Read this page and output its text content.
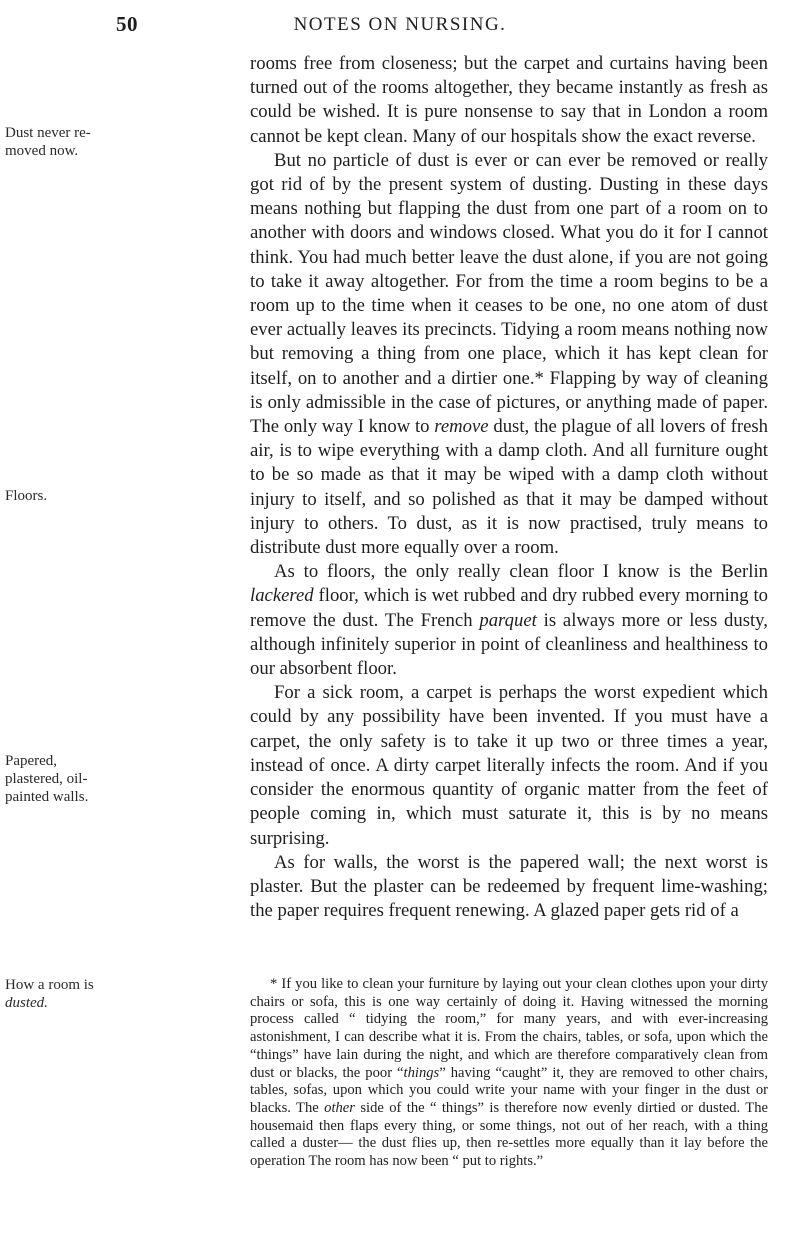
50	NOTES ON NURSING.
Dust never re-moved now.
Floors.
Papered, plastered, oil-painted walls.

rooms free from closeness; but the carpet and curtains having been turned out of the rooms altogether, they became instantly as fresh as could be wished. It is pure nonsense to say that in London a room cannot be kept clean. Many of our hospitals show the exact reverse.

But no particle of dust is ever or can ever be removed or really got rid of by the present system of dusting. Dusting in these days means nothing but flapping the dust from one part of a room on to another with doors and windows closed. What you do it for I cannot think. You had much better leave the dust alone, if you are not going to take it away altogether. For from the time a room begins to be a room up to the time when it ceases to be one, no one atom of dust ever actually leaves its precincts. Tidying a room means nothing now but removing a thing from one place, which it has kept clean for itself, on to another and a dirtier one.* Flapping by way of cleaning is only admissible in the case of pictures, or anything made of paper. The only way I know to remove dust, the plague of all lovers of fresh air, is to wipe everything with a damp cloth. And all furniture ought to be so made as that it may be wiped with a damp cloth without injury to itself, and so polished as that it may be damped without injury to others. To dust, as it is now practised, truly means to distribute dust more equally over a room.

As to floors, the only really clean floor I know is the Berlin lackered floor, which is wet rubbed and dry rubbed every morning to remove the dust. The French parquet is always more or less dusty, although infinitely superior in point of cleanliness and healthiness to our absorbent floor.

For a sick room, a carpet is perhaps the worst expedient which could by any possibility have been invented. If you must have a carpet, the only safety is to take it up two or three times a year, instead of once. A dirty carpet literally infects the room. And if you consider the enormous quantity of organic matter from the feet of people coming in, which must saturate it, this is by no means surprising.

As for walls, the worst is the papered wall; the next worst is plaster. But the plaster can be redeemed by frequent lime-washing; the paper requires frequent renewing. A glazed paper gets rid of a

How a room is
dusted.

* If you like to clean your furniture by laying out your clean clothes upon your dirty chairs or sofa, this is one way certainly of doing it. Having witnessed the morning process called “ tidying the room,” for many years, and with ever-increasing astonishment, I can describe what it is. From the chairs, tables, or sofa, upon which the “things” have lain during the night, and which are therefore comparatively clean from dust or blacks, the poor “things” having “caught” it, they are removed to other chairs, tables, sofas, upon which you could write your name with your finger in the dust or blacks. The other side of the “ things” is therefore now evenly dirtied or dusted. The housemaid then flaps every thing, or some things, not out of her reach, with a thing called a duster— the dust flies up, then re-settles more equally than it lay before the operation The room has now been “ put to rights.”
